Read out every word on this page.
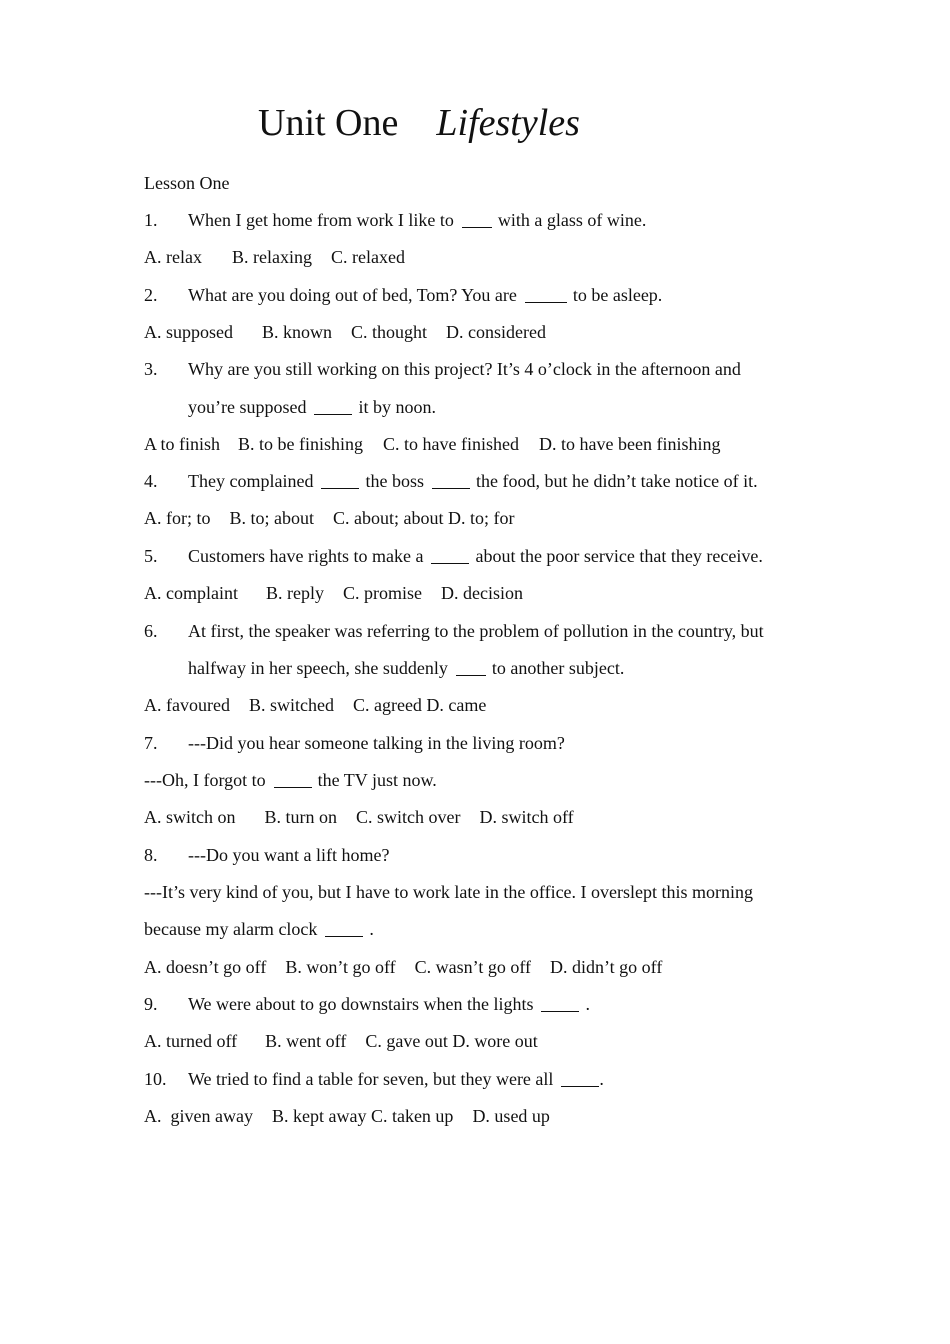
Unit One Lifestyles
Lesson One
1. When I get home from work I like to with a glass of wine.
A. relax B. relaxing C. relaxed
2. What are you doing out of bed, Tom? You are	to be asleep.
A. supposed B. known C. thought D. considered
3. Why are you still working on this project? It’s 4 o’clock in the afternoon and
you’re supposed	it by noon.
A to finish B. to be finishing C. to have finished D. to have been finishing
4. They complained	the boss	the food, but he didn’t take notice of it.
A. for; to B. to; about C. about; about D. to; for
5. Customers have rights to make a	about the poor service that they receive.
A. complaint B. reply C. promise D. decision
6. At first, the speaker was referring to the problem of pollution in the country, but
halfway in her speech, she suddenly to another subject.
A. favoured B. switched C. agreed D. came
7. ---Did you hear someone talking in the living room?
---Oh, I forgot to	the TV just now.
A. switch on B. turn on C. switch over D. switch off
8. ---Do you want a lift home?
---It’s very kind of you, but I have to work late in the office. I overslept this morning
because my alarm clock	.
A. doesn’t go off B. won’t go off C. wasn’t go off D. didn’t go off
9. We were about to go downstairs when the lights	.
A. turned off B. went off C. gave out D. wore out
10. We tried to find a table for seven, but they were all	.
A.  given away B. kept away C. taken up D. used up
